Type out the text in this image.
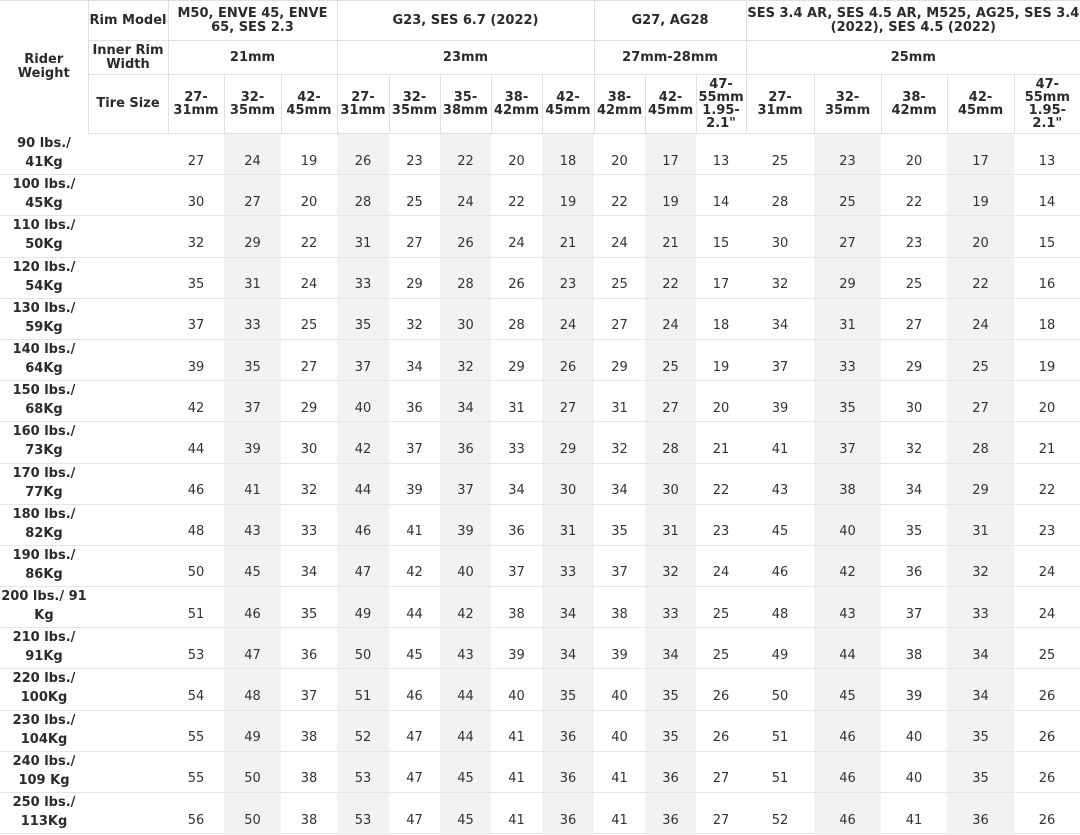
Rider Weight	Rim Model	M50, ENVE 45, ENVE 65, SES 2.3			G23, SES 6.7 (2022)					G27, AG28			SES 3.4 AR, SES 4.5 AR, M525, AG25, SES 3.4 (2022), SES 4.5 (2022)				
	Inner Rim Width	21mm			23mm					27mm-28mm			25mm				
	Tire Size	27-31mm	32-35mm	42-45mm	27-31mm	32-35mm	35-38mm	38-42mm	42-45mm	38-42mm	42-45mm	47-55mm 1.95-2.1"	27-31mm	32-35mm	38-42mm	42-45mm	47-55mm 1.95-2.1"
90 lbs./ 41Kg		27	24	19	26	23	22	20	18	20	17	13	25	23	20	17	13
100 lbs./ 45Kg		30	27	20	28	25	24	22	19	22	19	14	28	25	22	19	14
110 lbs./ 50Kg		32	29	22	31	27	26	24	21	24	21	15	30	27	23	20	15
120 lbs./ 54Kg		35	31	24	33	29	28	26	23	25	22	17	32	29	25	22	16
130 lbs./ 59Kg		37	33	25	35	32	30	28	24	27	24	18	34	31	27	24	18
140 lbs./ 64Kg		39	35	27	37	34	32	29	26	29	25	19	37	33	29	25	19
150 lbs./ 68Kg		42	37	29	40	36	34	31	27	31	27	20	39	35	30	27	20
160 lbs./ 73Kg		44	39	30	42	37	36	33	29	32	28	21	41	37	32	28	21
170 lbs./ 77Kg		46	41	32	44	39	37	34	30	34	30	22	43	38	34	29	22
180 lbs./ 82Kg		48	43	33	46	41	39	36	31	35	31	23	45	40	35	31	23
190 lbs./ 86Kg		50	45	34	47	42	40	37	33	37	32	24	46	42	36	32	24
200 lbs./ 91 Kg		51	46	35	49	44	42	38	34	38	33	25	48	43	37	33	24
210 lbs./ 91Kg		53	47	36	50	45	43	39	34	39	34	25	49	44	38	34	25
220 lbs./ 100Kg		54	48	37	51	46	44	40	35	40	35	26	50	45	39	34	26
230 lbs./ 104Kg		55	49	38	52	47	44	41	36	40	35	26	51	46	40	35	26
240 lbs./ 109 Kg		55	50	38	53	47	45	41	36	41	36	27	51	46	40	35	26
250 lbs./ 113Kg		56	50	38	53	47	45	41	36	41	36	27	52	46	41	36	26
